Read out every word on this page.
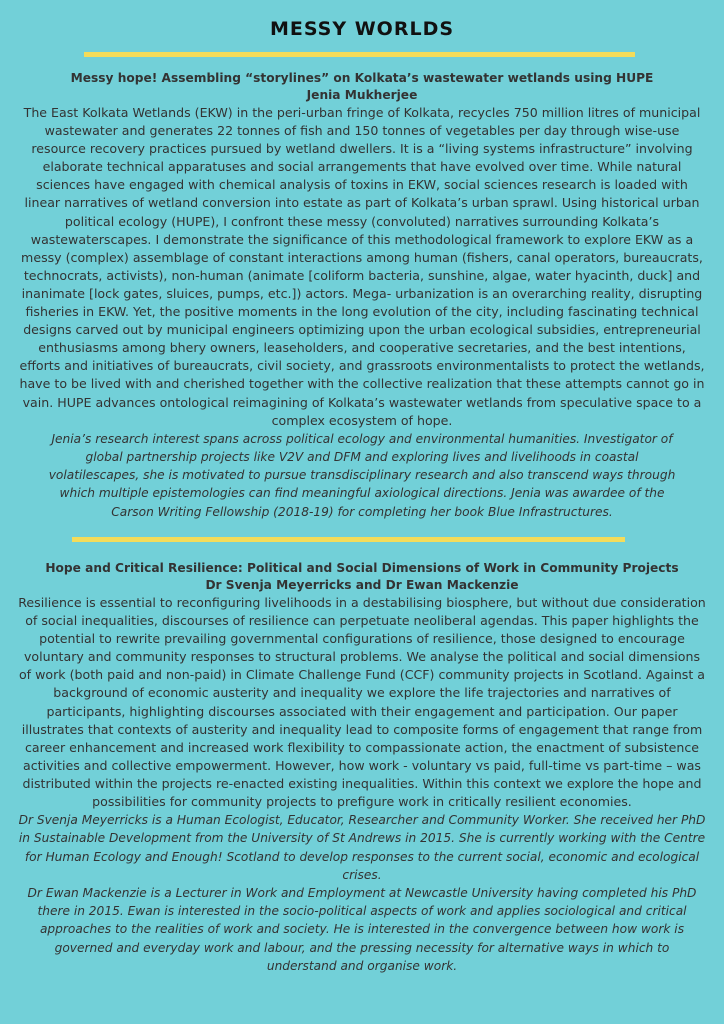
MESSY WORLDS
Messy hope! Assembling “storylines” on Kolkata’s wastewater wetlands using HUPE
Jenia Mukherjee
The East Kolkata Wetlands (EKW) in the peri-urban fringe of Kolkata, recycles 750 million litres of municipal wastewater and generates 22 tonnes of fish and 150 tonnes of vegetables per day through wise-use resource recovery practices pursued by wetland dwellers. It is a “living systems infrastructure” involving elaborate technical apparatuses and social arrangements that have evolved over time. While natural sciences have engaged with chemical analysis of toxins in EKW, social sciences research is loaded with linear narratives of wetland conversion into estate as part of Kolkata’s urban sprawl. Using historical urban political ecology (HUPE), I confront these messy (convoluted) narratives surrounding Kolkata’s wastewaterscapes. I demonstrate the significance of this methodological framework to explore EKW as a messy (complex) assemblage of constant interactions among human (fishers, canal operators, bureaucrats, technocrats, activists), non-human (animate [coliform bacteria, sunshine, algae, water hyacinth, duck] and inanimate [lock gates, sluices, pumps, etc.]) actors. Mega- urbanization is an overarching reality, disrupting fisheries in EKW. Yet, the positive moments in the long evolution of the city, including fascinating technical designs carved out by municipal engineers optimizing upon the urban ecological subsidies, entrepreneurial enthusiasms among bhery owners, leaseholders, and cooperative secretaries, and the best intentions, efforts and initiatives of bureaucrats, civil society, and grassroots environmentalists to protect the wetlands, have to be lived with and cherished together with the collective realization that these attempts cannot go in vain. HUPE advances ontological reimagining of Kolkata’s wastewater wetlands from speculative space to a complex ecosystem of hope.
Jenia’s research interest spans across political ecology and environmental humanities. Investigator of global partnership projects like V2V and DFM and exploring lives and livelihoods in coastal volatilescapes, she is motivated to pursue transdisciplinary research and also transcend ways through which multiple epistemologies can find meaningful axiological directions. Jenia was awardee of the Carson Writing Fellowship (2018-19) for completing her book Blue Infrastructures.
Hope and Critical Resilience: Political and Social Dimensions of Work in Community Projects
Dr Svenja Meyerricks and Dr Ewan Mackenzie
Resilience is essential to reconfiguring livelihoods in a destabilising biosphere, but without due consideration of social inequalities, discourses of resilience can perpetuate neoliberal agendas. This paper highlights the potential to rewrite prevailing governmental configurations of resilience, those designed to encourage voluntary and community responses to structural problems. We analyse the political and social dimensions of work (both paid and non-paid) in Climate Challenge Fund (CCF) community projects in Scotland. Against a background of economic austerity and inequality we explore the life trajectories and narratives of participants, highlighting discourses associated with their engagement and participation. Our paper illustrates that contexts of austerity and inequality lead to composite forms of engagement that range from career enhancement and increased work flexibility to compassionate action, the enactment of subsistence activities and collective empowerment. However, how work - voluntary vs paid, full-time vs part-time – was distributed within the projects re-enacted existing inequalities. Within this context we explore the hope and possibilities for community projects to prefigure work in critically resilient economies.
Dr Svenja Meyerricks is a Human Ecologist, Educator, Researcher and Community Worker. She received her PhD in Sustainable Development from the University of St Andrews in 2015. She is currently working with the Centre for Human Ecology and Enough! Scotland to develop responses to the current social, economic and ecological crises.
Dr Ewan Mackenzie is a Lecturer in Work and Employment at Newcastle University having completed his PhD there in 2015. Ewan is interested in the socio-political aspects of work and applies sociological and critical approaches to the realities of work and society. He is interested in the convergence between how work is governed and everyday work and labour, and the pressing necessity for alternative ways in which to understand and organise work.
